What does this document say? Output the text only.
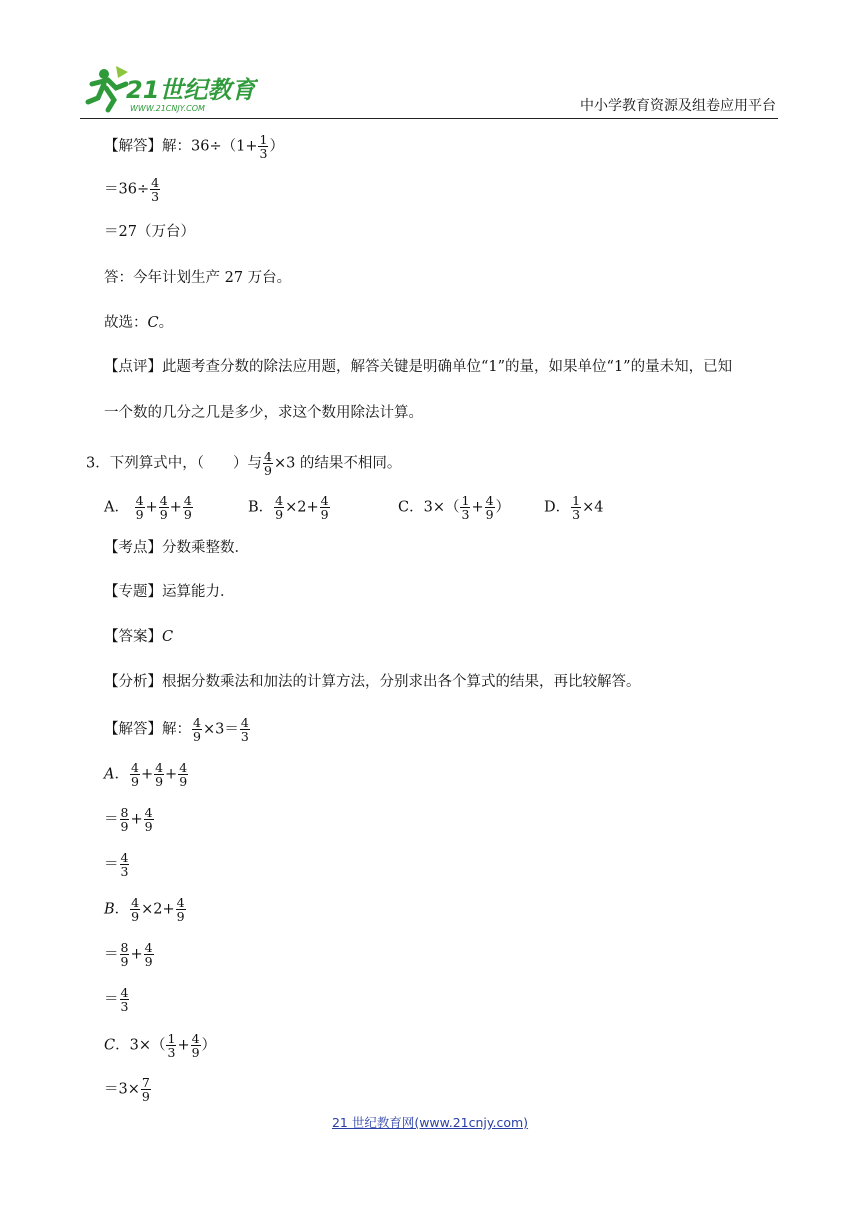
21世纪教育
WWW.21CNJY.COM	中小学教育资源及组卷应用平台
【解答】解：$36\div(1+ \frac{1}{3}$ ）
$=36\div \frac{4}{3}$
＝27（万台）
答：今年计划生产 27 万台。
故选：C。
【点评】此题考查分数的除法应用题，解答关键是明确单位“1”的量，如果单位“1”的量未知，已知
一个数的几分之几是多少，求这个数用除法计算。
3．下列算式中，（　　）与 $\frac{4}{9} \times 3$ 的结果不相同。
A． $\frac{4}{9} + \frac{4}{9} + \frac{4}{9}$	B． $\frac{4}{9} \times 2+ \frac{4}{9}$	C．$3\times( \frac{1}{3} + \frac{4}{9}$ ） D． $\frac{1}{3} \times 4$
【考点】分数乘整数．
【专题】运算能力．
【答案】C
【分析】根据分数乘法和加法的计算方法，分别求出各个算式的结果，再比较解答。
【解答】解： $\frac{4}{9} \times 3= \frac{4}{3}$
A． $\frac{4}{9} + \frac{4}{9} + \frac{4}{9}$
＝ $\frac{8}{9} + \frac{4}{9}$
＝ $\frac{4}{3}$
B． $\frac{4}{9} \times 2+ \frac{4}{9}$
＝ $\frac{8}{9} + \frac{4}{9}$
＝ $\frac{4}{3}$
C．$3\times( \frac{1}{3} + \frac{4}{9}$ ）
$=3\times \frac{7}{9}$
21 世纪教育网(www.21cnjy.com)
